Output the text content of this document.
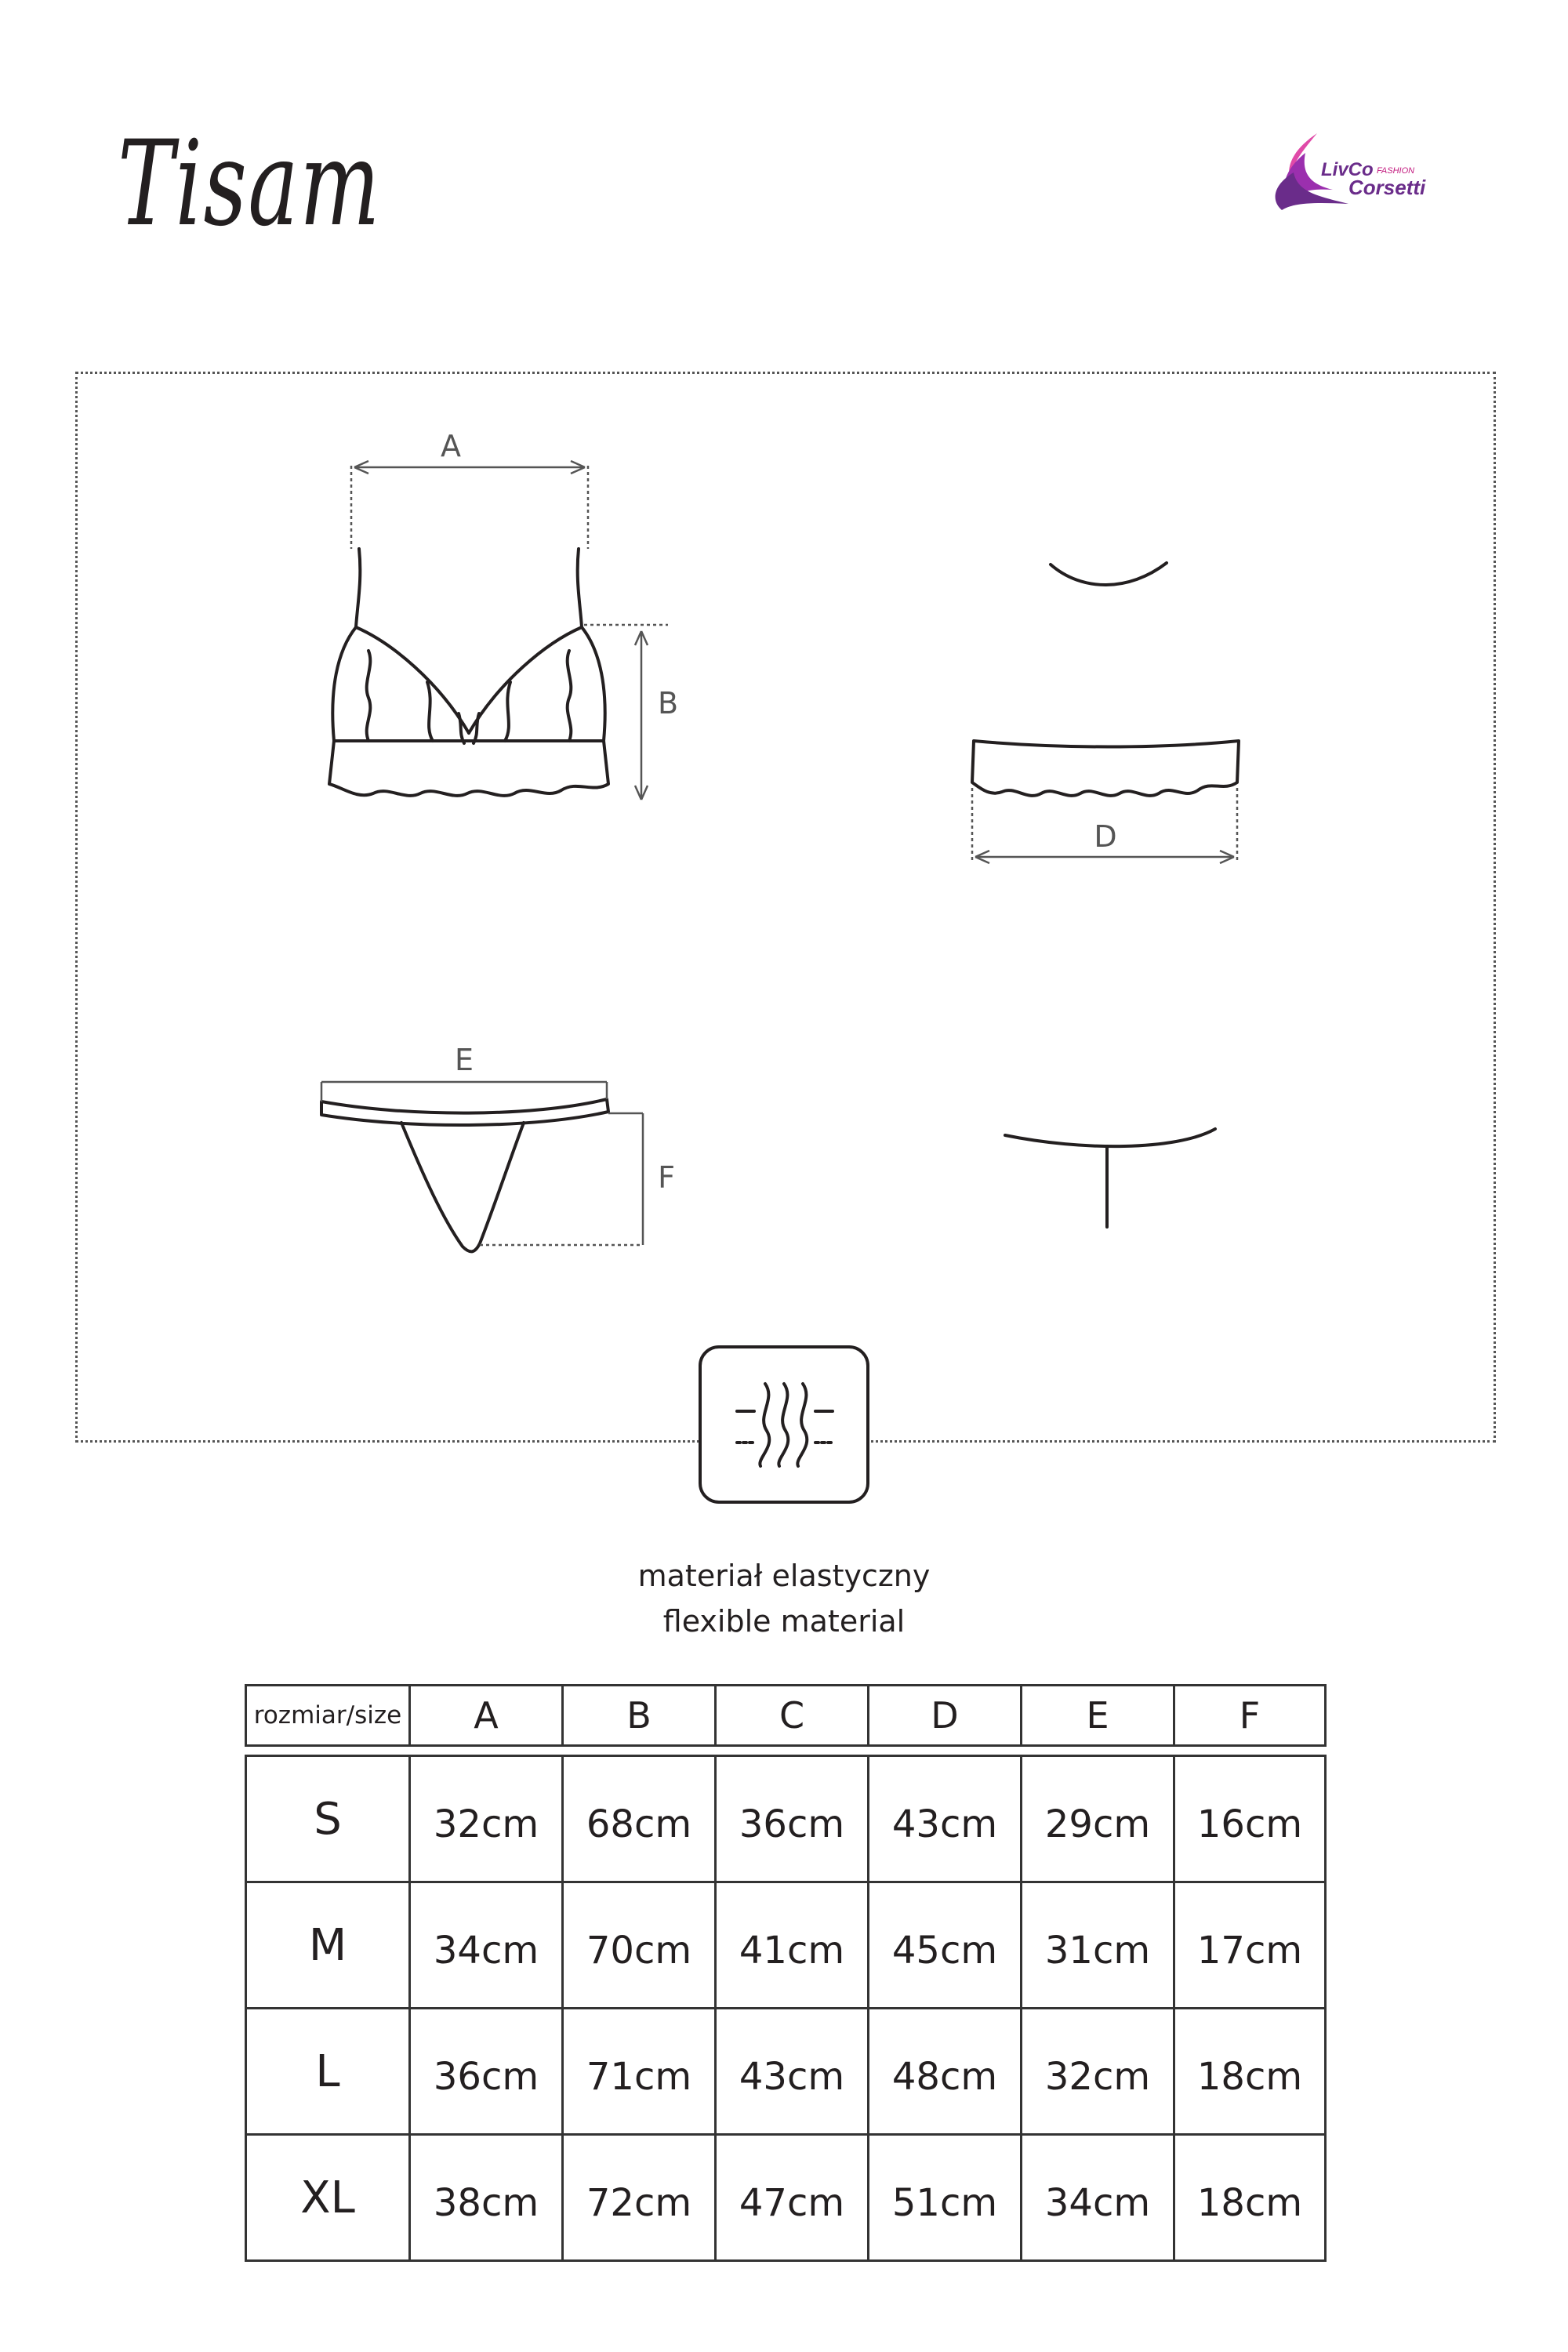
Tisam	LivCo FASHION
Corsetti
A
B
D
E
F
materiał elastyczny
flexible material
rozmiar/size	A	B	C	D	E	F

S	32cm	68cm	36cm	43cm	29cm	16cm
M	34cm	70cm	41cm	45cm	31cm	17cm
L	36cm	71cm	43cm	48cm	32cm	18cm
XL	38cm	72cm	47cm	51cm	34cm	18cm
